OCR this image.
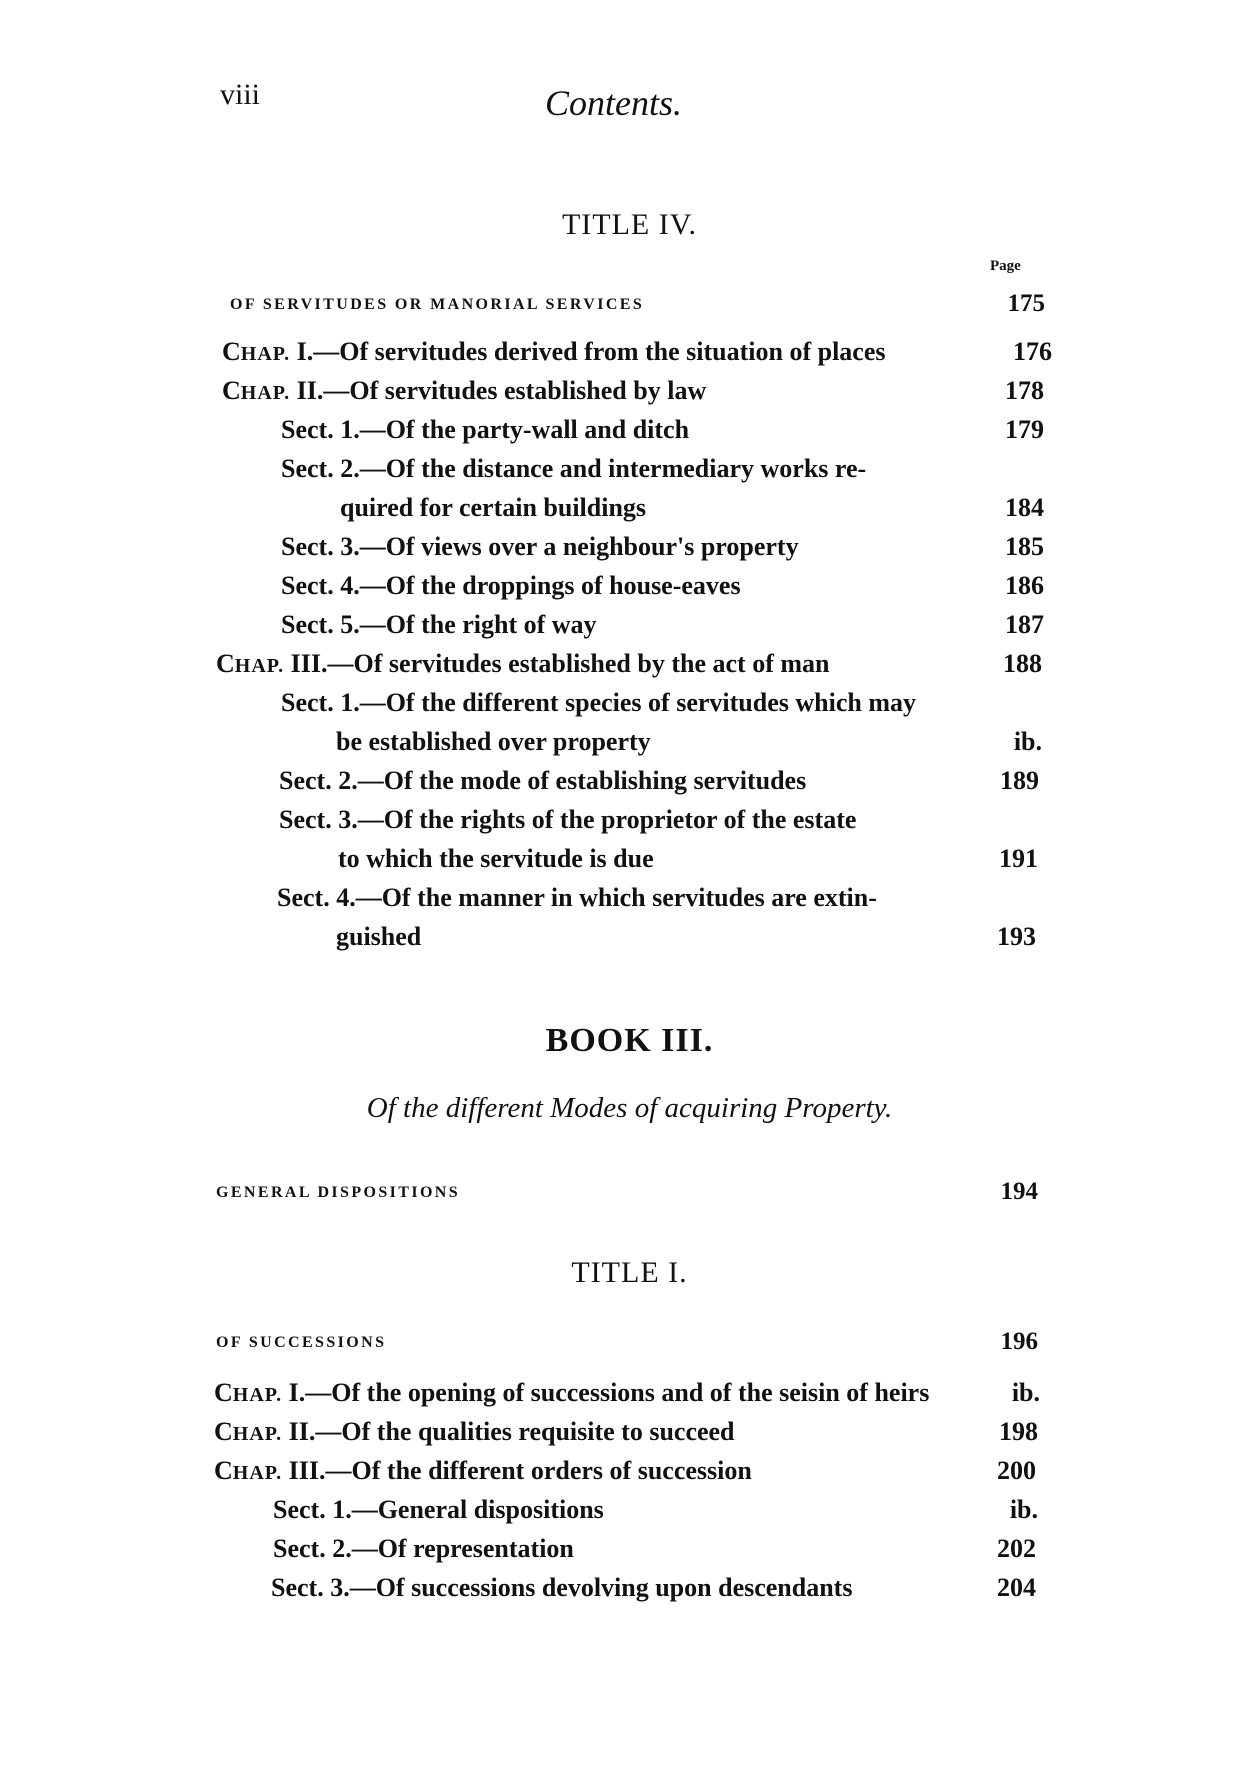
viii	Contents.
TITLE IV.
Page
OF SERVITUDES OR MANORIAL SERVICES	175
CHAP. I.—Of servitudes derived from the situation of places	176
CHAP. II.—Of servitudes established by law	178
Sect. 1.—Of the party-wall and ditch	179
Sect. 2.—Of the distance and intermediary works re-
quired for certain buildings	184
Sect. 3.—Of views over a neighbour's property	185
Sect. 4.—Of the droppings of house-eaves	186
Sect. 5.—Of the right of way	187
CHAP. III.—Of servitudes established by the act of man	188
Sect. 1.—Of the different species of servitudes which may
be established over property	ib.
Sect. 2.—Of the mode of establishing servitudes	189
Sect. 3.—Of the rights of the proprietor of the estate
to which the servitude is due	191
Sect. 4.—Of the manner in which servitudes are extin-
guished	193
BOOK III.
Of the different Modes of acquiring Property.
GENERAL DISPOSITIONS	194
TITLE I.
OF SUCCESSIONS	196
CHAP. I.—Of the opening of successions and of the seisin of heirs	ib.
CHAP. II.—Of the qualities requisite to succeed	198
CHAP. III.—Of the different orders of succession	200
Sect. 1.—General dispositions	ib.
Sect. 2.—Of representation	202
Sect. 3.—Of successions devolving upon descendants	204
